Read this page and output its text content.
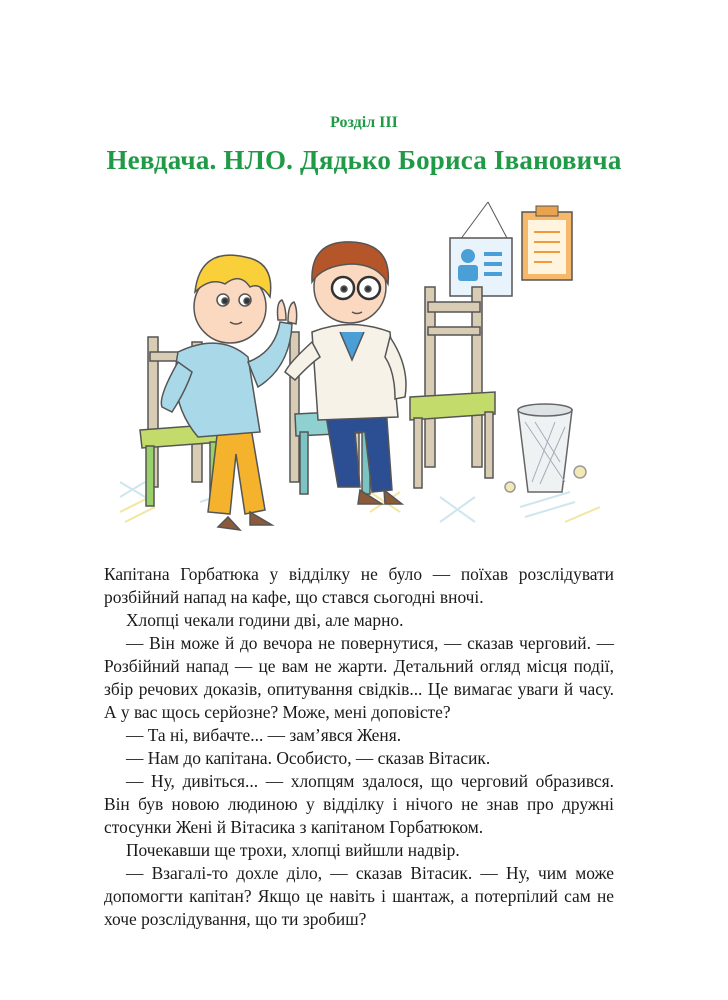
Розділ III
Невдача. НЛО. Дядько Бориса Івановича

Капітана Горбатюка у відділку не було — поїхав розслідувати розбійний напад на кафе, що стався сьогодні вночі.

Хлопці чекали години дві, але марно.

— Він може й до вечора не повернутися, — сказав черговий. — Розбійний напад — це вам не жарти. Детальний огляд місця події, збір речових доказів, опитування свідків... Це вимагає уваги й часу. А у вас щось серйозне? Може, мені доповісте?

— Та ні, вибачте... — зам’явся Женя.

— Нам до капітана. Особисто, — сказав Вітасик.

— Ну, дивіться... — хлопцям здалося, що черговий образився. Він був новою людиною у відділку і нічого не знав про дружні стосунки Жені й Вітасика з капітаном Горбатюком.

Почекавши ще трохи, хлопці вийшли надвір.

— Взагалі-то дохле діло, — сказав Вітасик. — Ну, чим може допомогти капітан? Якщо це навіть і шантаж, а потерпілий сам не хоче розслідування, що ти зробиш?
